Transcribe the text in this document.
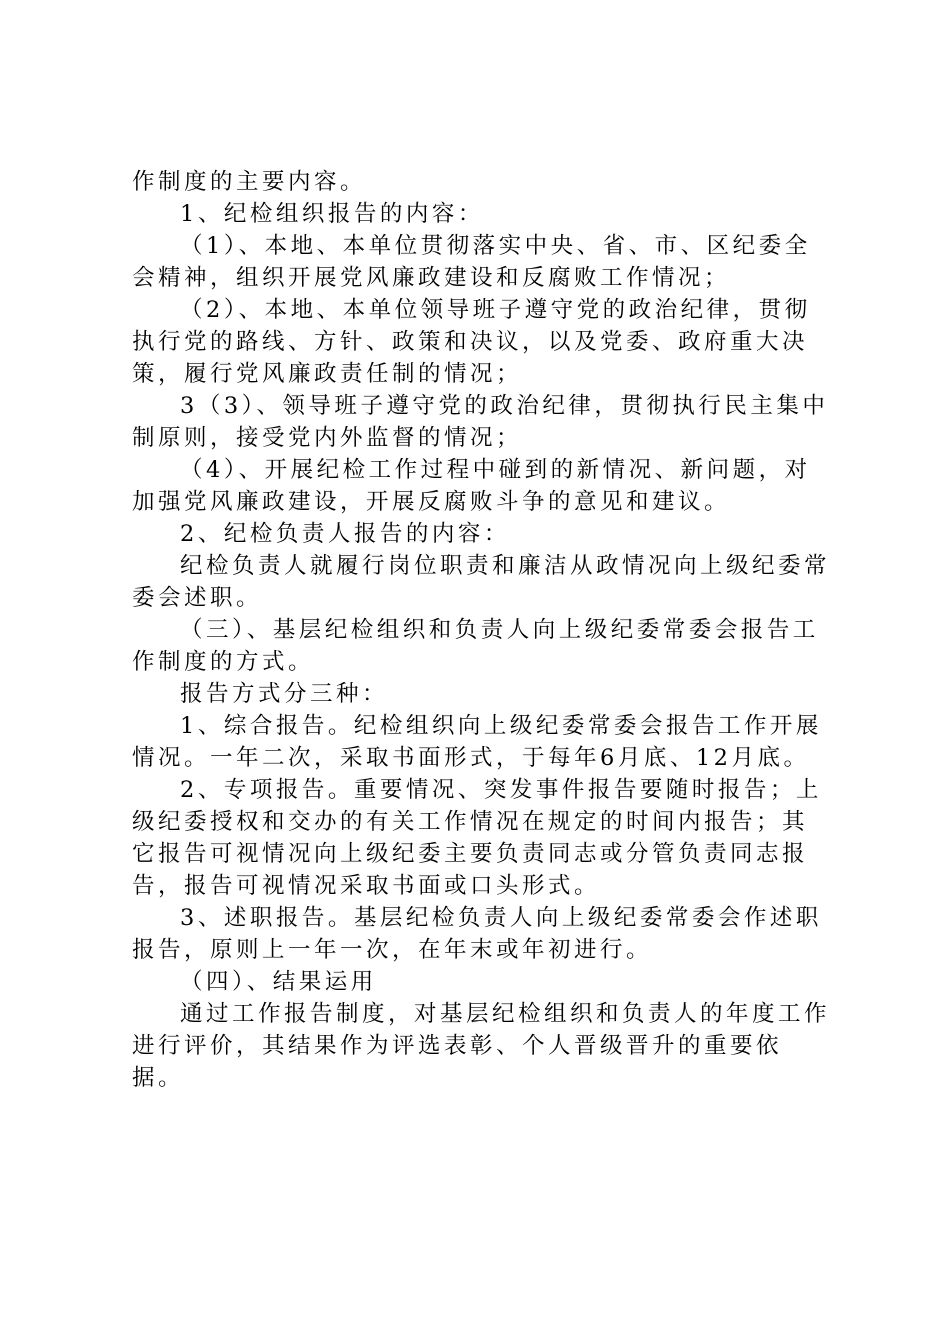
作制度的主要内容。

1、纪检组织报告的内容：

（1）、本地、本单位贯彻落实中央、省、市、区纪委全会精神，组织开展党风廉政建设和反腐败工作情况；

（2）、本地、本单位领导班子遵守党的政治纪律，贯彻执行党的路线、方针、政策和决议，以及党委、政府重大决策，履行党风廉政责任制的情况；

3（3）、领导班子遵守党的政治纪律，贯彻执行民主集中制原则，接受党内外监督的情况；

（4）、开展纪检工作过程中碰到的新情况、新问题，对加强党风廉政建设，开展反腐败斗争的意见和建议。

2、纪检负责人报告的内容：

纪检负责人就履行岗位职责和廉洁从政情况向上级纪委常委会述职。

（三）、基层纪检组织和负责人向上级纪委常委会报告工作制度的方式。

报告方式分三种：

1、综合报告。纪检组织向上级纪委常委会报告工作开展情况。一年二次，采取书面形式，于每年6月底、12月底。

2、专项报告。重要情况、突发事件报告要随时报告；上级纪委授权和交办的有关工作情况在规定的时间内报告；其它报告可视情况向上级纪委主要负责同志或分管负责同志报告，报告可视情况采取书面或口头形式。

3、述职报告。基层纪检负责人向上级纪委常委会作述职报告，原则上一年一次，在年末或年初进行。

（四）、结果运用

通过工作报告制度，对基层纪检组织和负责人的年度工作进行评价，其结果作为评选表彰、个人晋级晋升的重要依据。
